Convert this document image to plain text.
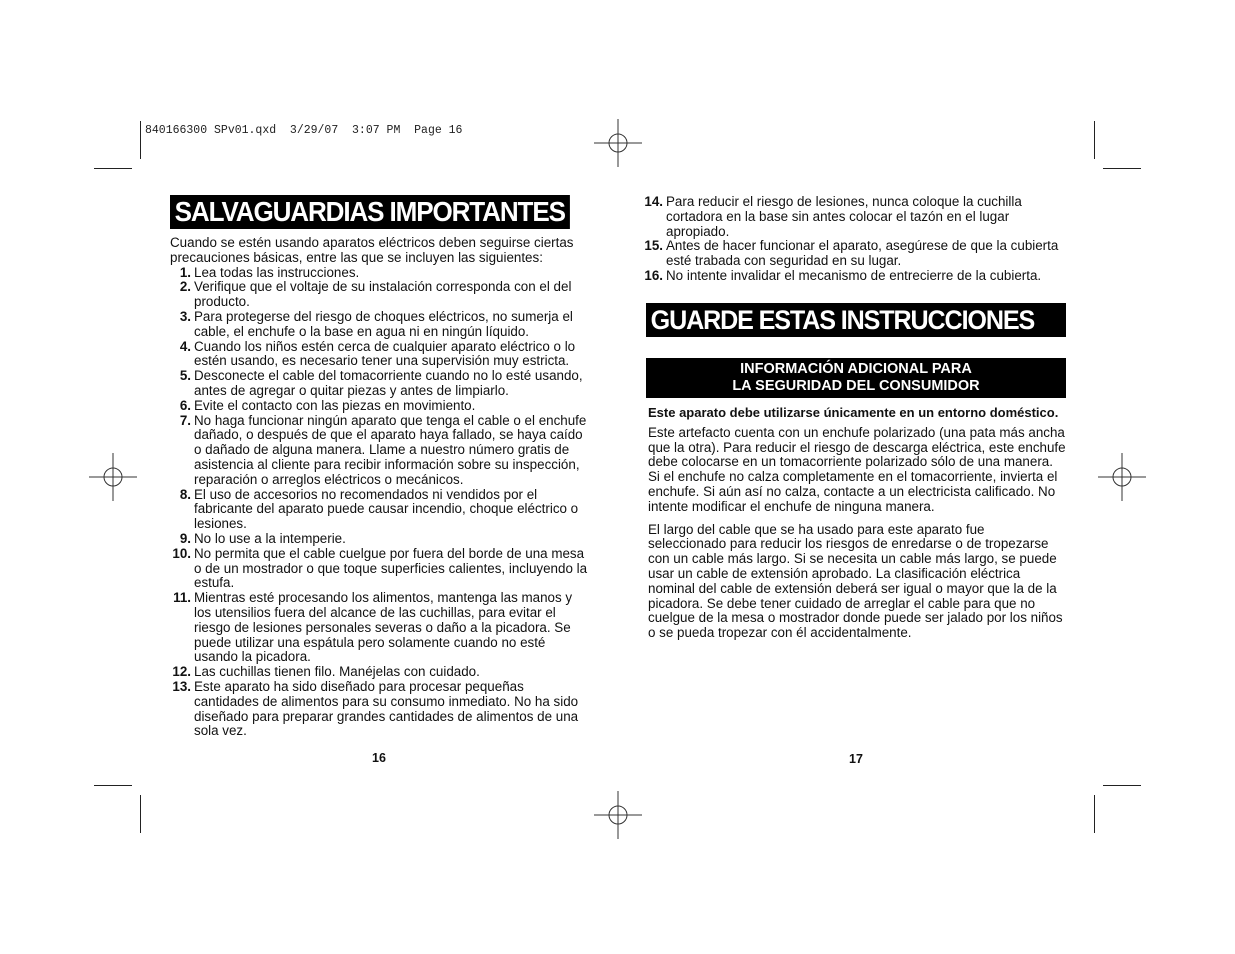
840166300 SPv01.qxd  3/29/07  3:07 PM  Page 16
SALVAGUARDIAS IMPORTANTES

Cuando se estén usando aparatos eléctricos deben seguirse ciertas precauciones básicas, entre las que se incluyen las siguientes:

1. Lea todas las instrucciones.
2. Verifique que el voltaje de su instalación corresponda con el del producto.
3. Para protegerse del riesgo de choques eléctricos, no sumerja el cable, el enchufe o la base en agua ni en ningún líquido.
4. Cuando los niños estén cerca de cualquier aparato eléctrico o lo estén usando, es necesario tener una supervisión muy estricta.
5. Desconecte el cable del tomacorriente cuando no lo esté usando, antes de agregar o quitar piezas y antes de limpiarlo.
6. Evite el contacto con las piezas en movimiento.
7. No haga funcionar ningún aparato que tenga el cable o el enchufe dañado, o después de que el aparato haya fallado, se haya caído o dañado de alguna manera. Llame a nuestro número gratis de asistencia al cliente para recibir información sobre su inspección, reparación o arreglos eléctricos o mecánicos.
8. El uso de accesorios no recomendados ni vendidos por el fabricante del aparato puede causar incendio, choque eléctrico o lesiones.
9. No lo use a la intemperie.
10. No permita que el cable cuelgue por fuera del borde de una mesa o de un mostrador o que toque superficies calientes, incluyendo la estufa.
11. Mientras esté procesando los alimentos, mantenga las manos y los utensilios fuera del alcance de las cuchillas, para evitar el riesgo de lesiones personales severas o daño a la picadora. Se puede utilizar una espátula pero solamente cuando no esté usando la picadora.
12. Las cuchillas tienen filo. Manéjelas con cuidado.
13. Este aparato ha sido diseñado para procesar pequeñas cantidades de alimentos para su consumo inmediato. No ha sido diseñado para preparar grandes cantidades de alimentos de una sola vez.
16
14. Para reducir el riesgo de lesiones, nunca coloque la cuchilla cortadora en la base sin antes colocar el tazón en el lugar apropiado.
15. Antes de hacer funcionar el aparato, asegúrese de que la cubierta esté trabada con seguridad en su lugar.
16. No intente invalidar el mecanismo de entrecierre de la cubierta.
GUARDE ESTAS INSTRUCCIONES
INFORMACIÓN ADICIONAL PARA
LA SEGURIDAD DEL CONSUMIDOR
Este aparato debe utilizarse únicamente en un entorno doméstico.

Este artefacto cuenta con un enchufe polarizado (una pata más ancha que la otra). Para reducir el riesgo de descarga eléctrica, este enchufe debe colocarse en un tomacorriente polarizado sólo de una manera. Si el enchufe no calza completamente en el tomacorriente, invierta el enchufe. Si aún así no calza, contacte a un electricista calificado. No intente modificar el enchufe de ninguna manera.

El largo del cable que se ha usado para este aparato fue seleccionado para reducir los riesgos de enredarse o de tropezarse con un cable más largo. Si se necesita un cable más largo, se puede usar un cable de extensión aprobado. La clasificación eléctrica nominal del cable de extensión deberá ser igual o mayor que la de la picadora. Se debe tener cuidado de arreglar el cable para que no cuelgue de la mesa o mostrador donde puede ser jalado por los niños o se pueda tropezar con él accidentalmente.

17
